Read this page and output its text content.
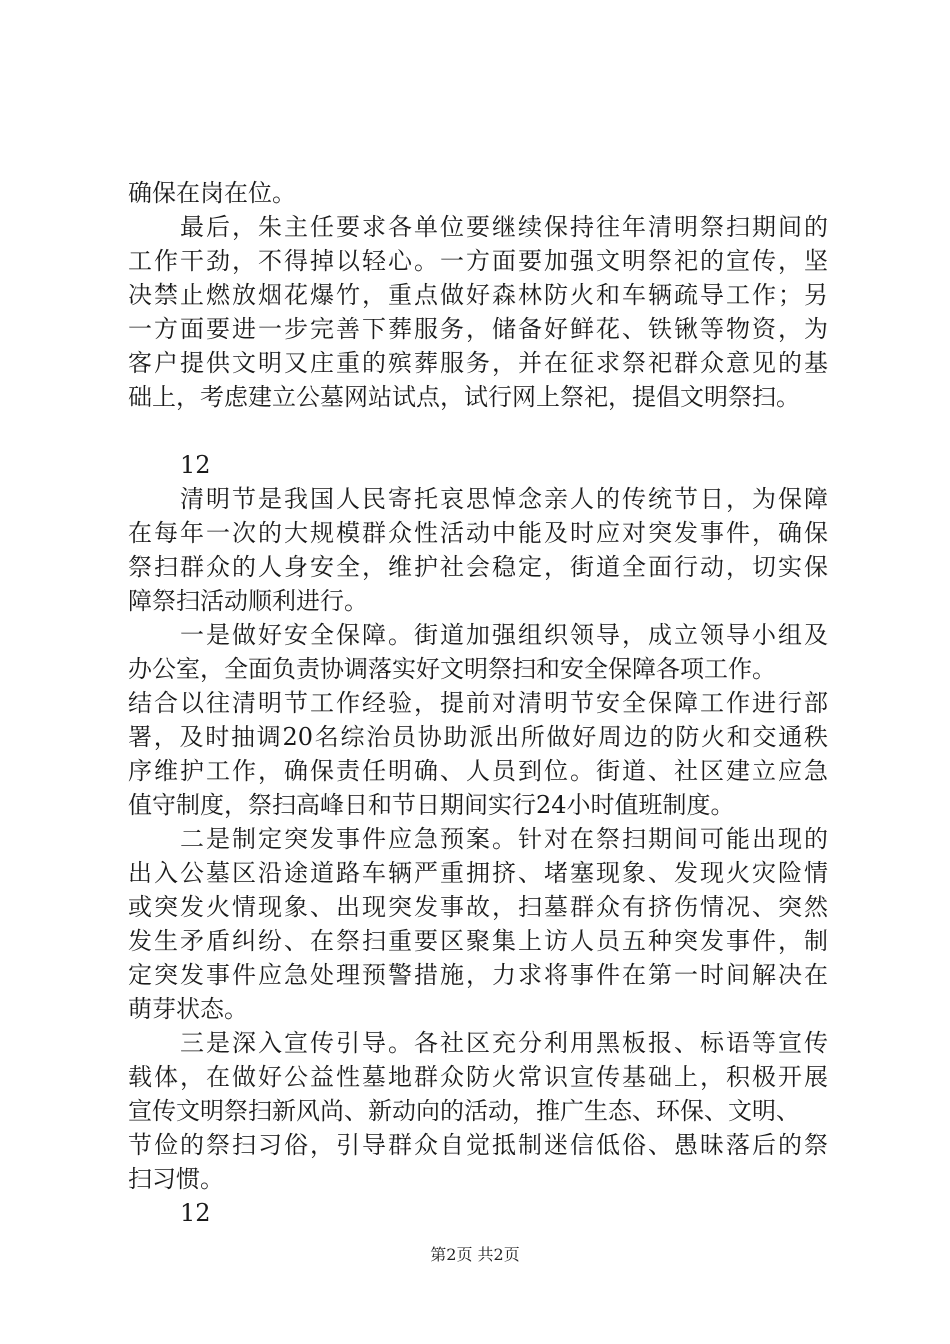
确保在岗在位。
最后，朱主任要求各单位要继续保持往年清明祭扫期间的
工作干劲，不得掉以轻心。一方面要加强文明祭祀的宣传，坚
决禁止燃放烟花爆竹，重点做好森林防火和车辆疏导工作；另
一方面要进一步完善下葬服务，储备好鲜花、铁锹等物资，为
客户提供文明又庄重的殡葬服务，并在征求祭祀群众意见的基
础上，考虑建立公墓网站试点，试行网上祭祀，提倡文明祭扫。
12
清明节是我国人民寄托哀思悼念亲人的传统节日，为保障
在每年一次的大规模群众性活动中能及时应对突发事件，确保
祭扫群众的人身安全，维护社会稳定，街道全面行动，切实保
障祭扫活动顺利进行。
一是做好安全保障。街道加强组织领导，成立领导小组及
办公室，全面负责协调落实好文明祭扫和安全保障各项工作。
结合以往清明节工作经验，提前对清明节安全保障工作进行部
署，及时抽调20名综治员协助派出所做好周边的防火和交通秩
序维护工作，确保责任明确、人员到位。街道、社区建立应急
值守制度，祭扫高峰日和节日期间实行24小时值班制度。
二是制定突发事件应急预案。针对在祭扫期间可能出现的
出入公墓区沿途道路车辆严重拥挤、堵塞现象、发现火灾险情
或突发火情现象、出现突发事故，扫墓群众有挤伤情况、突然
发生矛盾纠纷、在祭扫重要区聚集上访人员五种突发事件，制
定突发事件应急处理预警措施，力求将事件在第一时间解决在
萌芽状态。
三是深入宣传引导。各社区充分利用黑板报、标语等宣传
载体，在做好公益性墓地群众防火常识宣传基础上，积极开展
宣传文明祭扫新风尚、新动向的活动，推广生态、环保、文明、
节俭的祭扫习俗，引导群众自觉抵制迷信低俗、愚昧落后的祭
扫习惯。
12
第2页 共2页
